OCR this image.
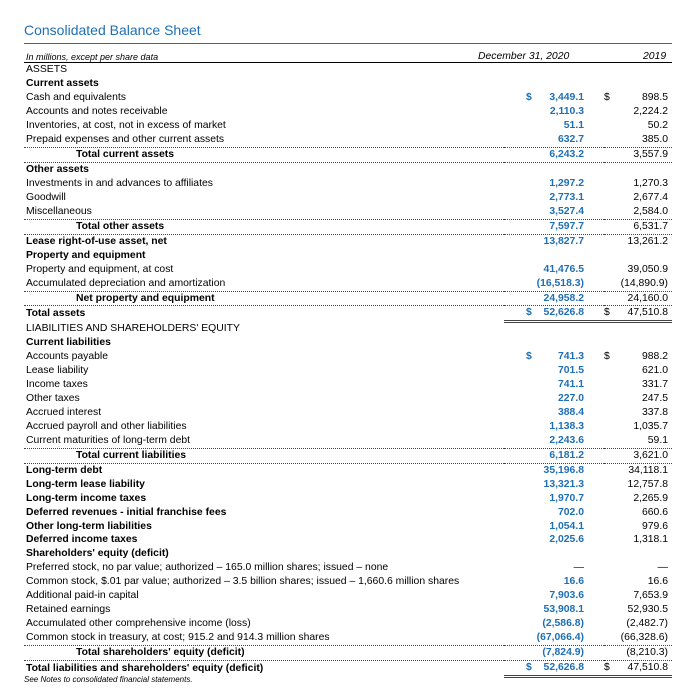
Consolidated Balance Sheet
In millions, except per share data	December 31, 2020	2019
ASSETS		
Current assets		
Cash and equivalents	$ 3,449.1	$ 898.5
Accounts and notes receivable	2,110.3	2,224.2
Inventories, at cost, not in excess of market	51.1	50.2
Prepaid expenses and other current assets	632.7	385.0
Total current assets	6,243.2	3,557.9
Other assets		
Investments in and advances to affiliates	1,297.2	1,270.3
Goodwill	2,773.1	2,677.4
Miscellaneous	3,527.4	2,584.0
Total other assets	7,597.7	6,531.7
Lease right-of-use asset, net	13,827.7	13,261.2
Property and equipment		
Property and equipment, at cost	41,476.5	39,050.9
Accumulated depreciation and amortization	(16,518.3)	(14,890.9)
Net property and equipment	24,958.2	24,160.0
Total assets	$ 52,626.8	$ 47,510.8
LIABILITIES AND SHAREHOLDERS' EQUITY		
Current liabilities		
Accounts payable	$ 741.3	$ 988.2
Lease liability	701.5	621.0
Income taxes	741.1	331.7
Other taxes	227.0	247.5
Accrued interest	388.4	337.8
Accrued payroll and other liabilities	1,138.3	1,035.7
Current maturities of long-term debt	2,243.6	59.1
Total current liabilities	6,181.2	3,621.0
Long-term debt	35,196.8	34,118.1
Long-term lease liability	13,321.3	12,757.8
Long-term income taxes	1,970.7	2,265.9
Deferred revenues - initial franchise fees	702.0	660.6
Other long-term liabilities	1,054.1	979.6
Deferred income taxes	2,025.6	1,318.1
Shareholders' equity (deficit)		
Preferred stock, no par value; authorized – 165.0 million shares; issued – none	—	—
Common stock, $.01 par value; authorized – 3.5 billion shares; issued – 1,660.6 million shares	16.6	16.6
Additional paid-in capital	7,903.6	7,653.9
Retained earnings	53,908.1	52,930.5
Accumulated other comprehensive income (loss)	(2,586.8)	(2,482.7)
Common stock in treasury, at cost; 915.2 and 914.3 million shares	(67,066.4)	(66,328.6)
Total shareholders' equity (deficit)	(7,824.9)	(8,210.3)
Total liabilities and shareholders' equity (deficit)	$ 52,626.8	$ 47,510.8
See Notes to consolidated financial statements.
